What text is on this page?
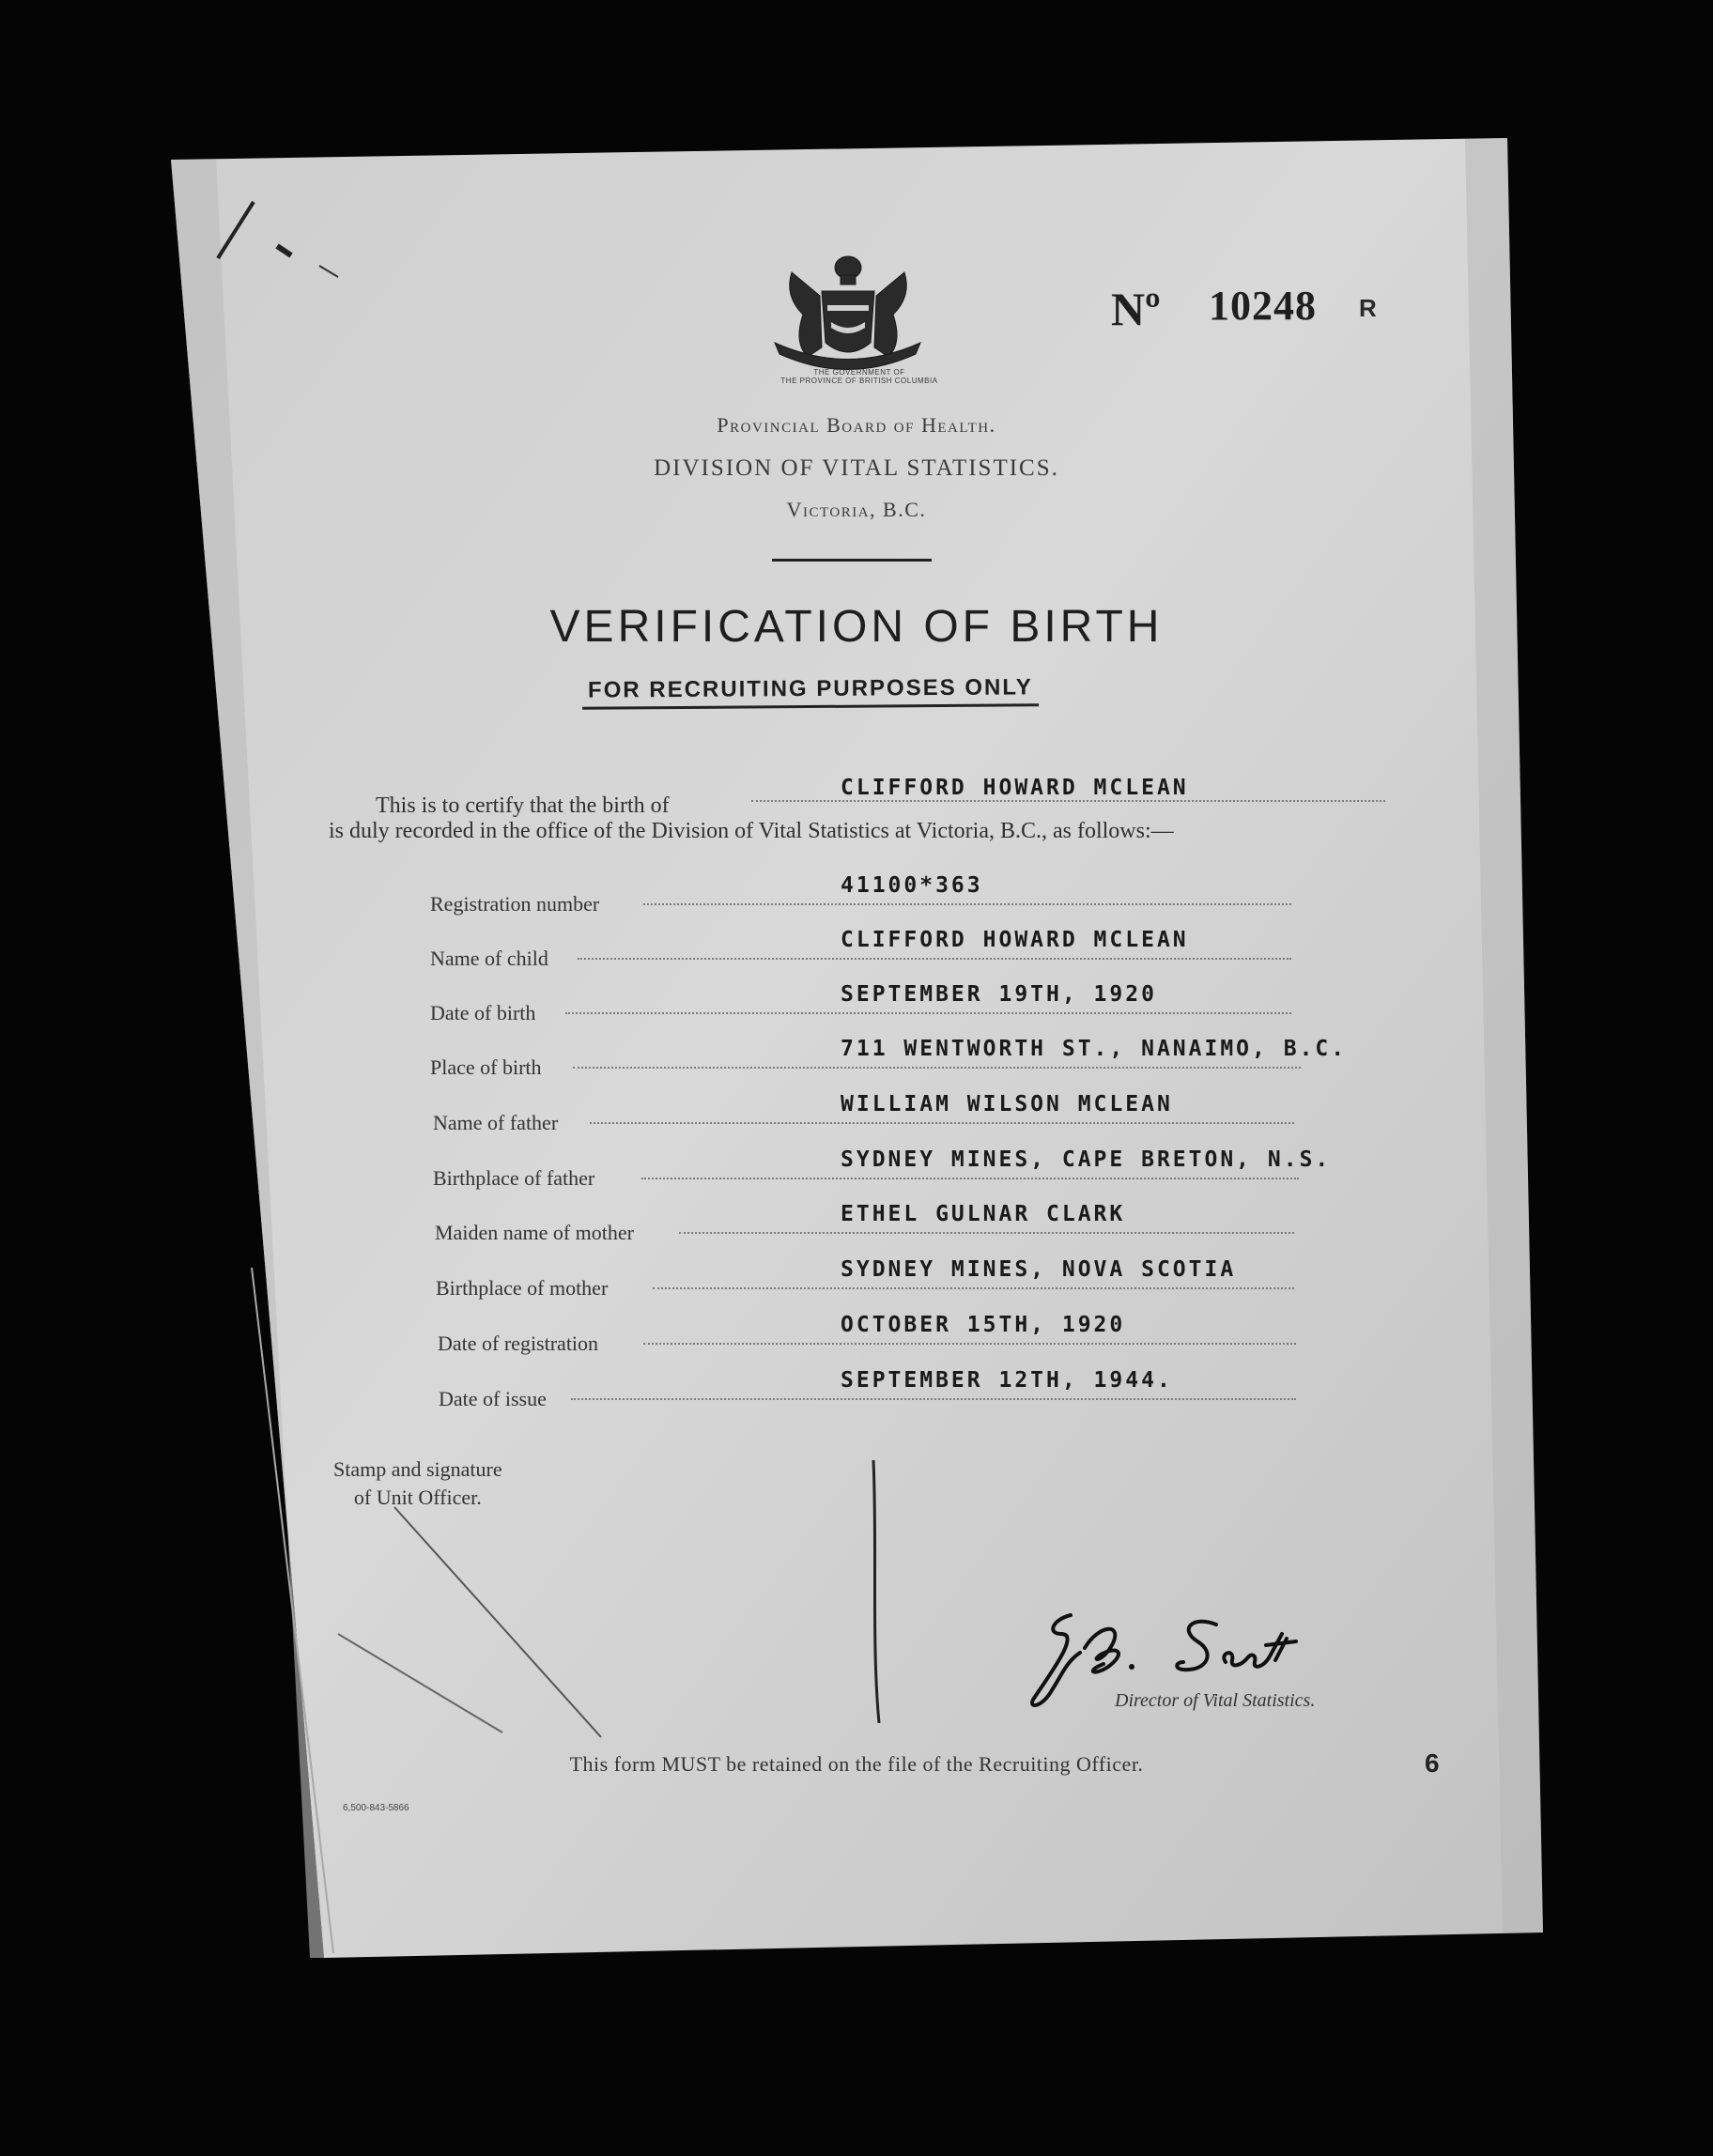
THE GOVERNMENT OF
THE PROVINCE OF BRITISH COLUMBIA
Nº 10248 R
Provincial Board of Health.
DIVISION OF VITAL STATISTICS.
Victoria, B.C.
VERIFICATION OF BIRTH
FOR RECRUITING PURPOSES ONLY
This is to certify that the birth of
CLIFFORD HOWARD MCLEAN
is duly recorded in the office of the Division of Vital Statistics at Victoria, B.C., as follows:—
Registration number
41100*363
Name of child
CLIFFORD HOWARD MCLEAN
Date of birth
SEPTEMBER 19TH, 1920
Place of birth
711 WENTWORTH ST., NANAIMO, B.C.
Name of father
WILLIAM WILSON MCLEAN
Birthplace of father
SYDNEY MINES, CAPE BRETON, N.S.
Maiden name of mother
ETHEL GULNAR CLARK
Birthplace of mother
SYDNEY MINES, NOVA SCOTIA
Date of registration
OCTOBER 15TH, 1920
Date of issue
SEPTEMBER 12TH, 1944.
Stamp and signature
of Unit Officer.
Director of Vital Statistics.
This form MUST be retained on the file of the Recruiting Officer.
6,500-843-5866
6
